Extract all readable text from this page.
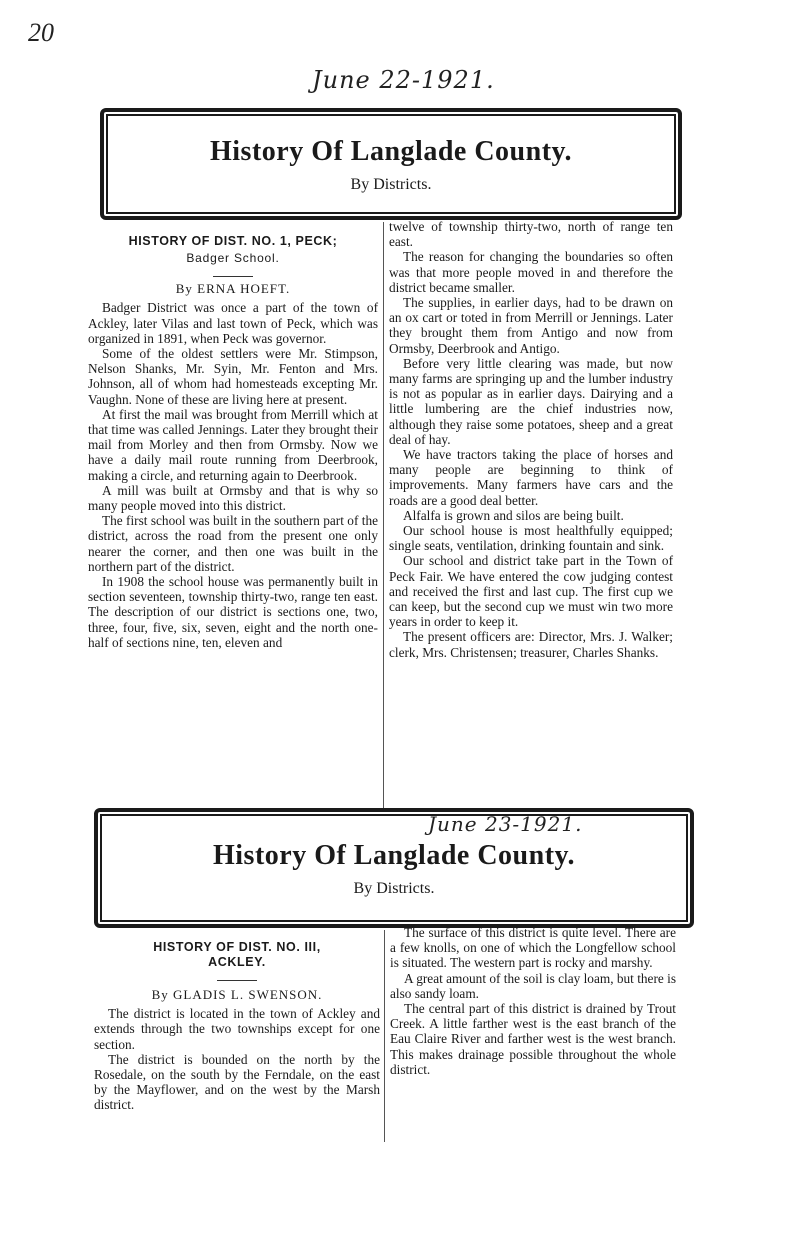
20
June 22-1921.
History Of Langlade County.
By Districts.
HISTORY OF DIST. NO. 1, PECK;
Badger School.
By ERNA HOEFT.

Badger District was once a part of the town of Ackley, later Vilas and last town of Peck, which was organized in 1891, when Peck was governor.

Some of the oldest settlers were Mr. Stimpson, Nelson Shanks, Mr. Syin, Mr. Fenton and Mrs. Johnson, all of whom had homesteads excepting Mr. Vaughn. None of these are living here at present.

At first the mail was brought from Merrill which at that time was called Jennings. Later they brought their mail from Morley and then from Ormsby. Now we have a daily mail route running from Deerbrook, making a circle, and returning again to Deerbrook.

A mill was built at Ormsby and that is why so many people moved into this district.

The first school was built in the southern part of the district, across the road from the present one only nearer the corner, and then one was built in the northern part of the district.

In 1908 the school house was permanently built in section seventeen, township thirty-two, range ten east. The description of our district is sections one, two, three, four, five, six, seven, eight and the north one-half of sections nine, ten, eleven and

twelve of township thirty-two, north of range ten east.

The reason for changing the boundaries so often was that more people moved in and therefore the district became smaller.

The supplies, in earlier days, had to be drawn on an ox cart or toted in from Merrill or Jennings. Later they brought them from Antigo and now from Ormsby, Deerbrook and Antigo.

Before very little clearing was made, but now many farms are springing up and the lumber industry is not as popular as in earlier days. Dairying and a little lumbering are the chief industries now, although they raise some potatoes, sheep and a great deal of hay.

We have tractors taking the place of horses and many people are beginning to think of improvements. Many farmers have cars and the roads are a good deal better.

Alfalfa is grown and silos are being built.

Our school house is most healthfully equipped; single seats, ventilation, drinking fountain and sink.

Our school and district take part in the Town of Peck Fair. We have entered the cow judging contest and received the first and last cup. The first cup we can keep, but the second cup we must win two more years in order to keep it.

The present officers are: Director, Mrs. J. Walker; clerk, Mrs. Christensen; treasurer, Charles Shanks.

June 23-1921.
History Of Langlade County.
By Districts.
HISTORY OF DIST. NO. III,
ACKLEY.
By GLADIS L. SWENSON.

The district is located in the town of Ackley and extends through the two townships except for one section.

The district is bounded on the north by the Rosedale, on the south by the Ferndale, on the east by the Mayflower, and on the west by the Marsh district.

The surface of this district is quite level. There are a few knolls, on one of which the Longfellow school is situated. The western part is rocky and marshy.

A great amount of the soil is clay loam, but there is also sandy loam.

The central part of this district is drained by Trout Creek. A little farther west is the east branch of the Eau Claire River and farther west is the west branch. This makes drainage possible throughout the whole district.
